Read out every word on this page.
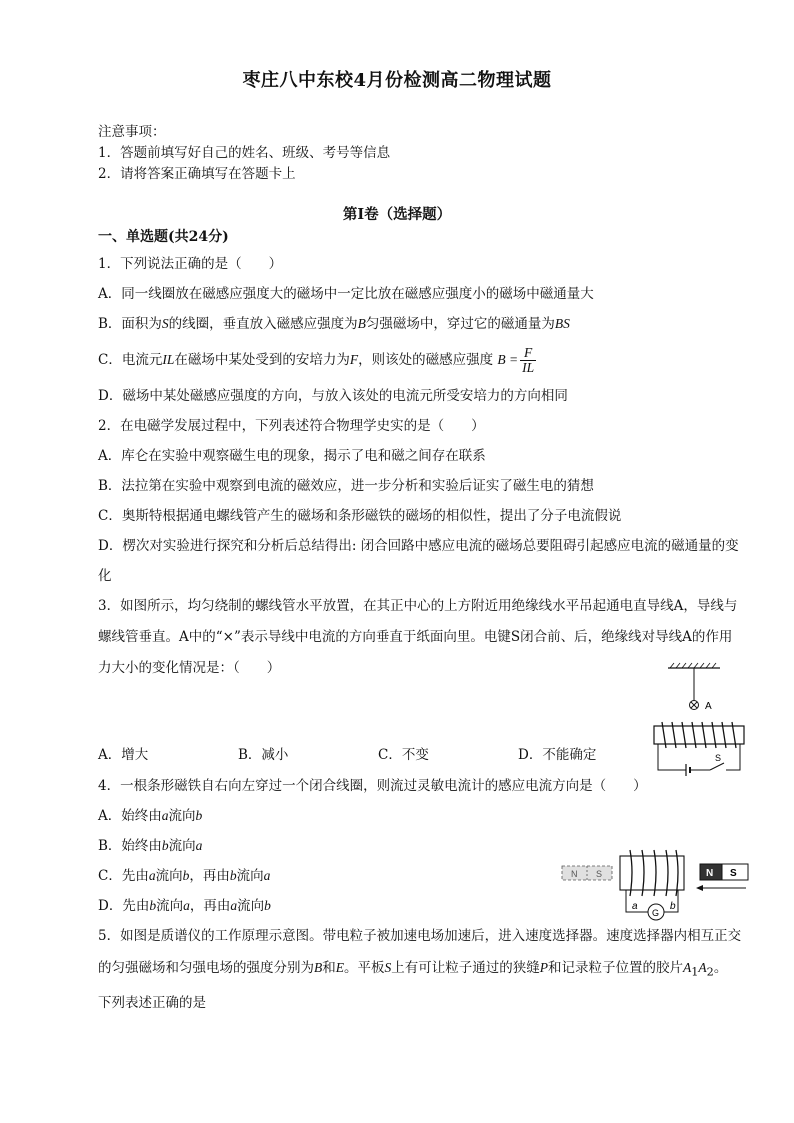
枣庄八中东校4月份检测高二物理试题
注意事项：
1．答题前填写好自己的姓名、班级、考号等信息
2．请将答案正确填写在答题卡上
第I卷（选择题）
一、单选题(共24分)
1．下列说法正确的是（　　）
A．同一线圈放在磁感应强度大的磁场中一定比放在磁感应强度小的磁场中磁通量大
B．面积为S的线圈，垂直放入磁感应强度为B匀强磁场中，穿过它的磁通量为BS
C．电流元IL在磁场中某处受到的安培力为F，则该处的磁感应强度 $B = \frac{F}{IL}$
D．磁场中某处磁感应强度的方向，与放入该处的电流元所受安培力的方向相同
2．在电磁学发展过程中，下列表述符合物理学史实的是（　　）
A．库仑在实验中观察磁生电的现象，揭示了电和磁之间存在联系
B．法拉第在实验中观察到电流的磁效应，进一步分析和实验后证实了磁生电的猜想
C．奥斯特根据通电螺线管产生的磁场和条形磁铁的磁场的相似性，提出了分子电流假说
D．楞次对实验进行探究和分析后总结得出: 闭合回路中感应电流的磁场总要阻碍引起感应电流的磁通量的变
化
3．如图所示，均匀绕制的螺线管水平放置，在其正中心的上方附近用绝缘线水平吊起通电直导线A，导线与
螺线管垂直。A中的“×”表示导线中电流的方向垂直于纸面向里。电键S闭合前、后，绝缘线对导线A的作用
力大小的变化情况是：（　　）
A．增大	B．减小	C．不变	D．不能确定
4．一根条形磁铁自右向左穿过一个闭合线圈，则流过灵敏电流计的感应电流方向是（　　）
A．始终由a流向b
B．始终由b流向a
C．先由a流向b，再由b流向a
D．先由b流向a，再由a流向b
5．如图是质谱仪的工作原理示意图。带电粒子被加速电场加速后，进入速度选择器。速度选择器内相互正交
的匀强磁场和匀强电场的强度分别为B和E。平板S上有可让粒子通过的狭缝P和记录粒子位置的胶片$A_1A_2$。
下列表述正确的是
A
S
N S
G
a	b
N S
